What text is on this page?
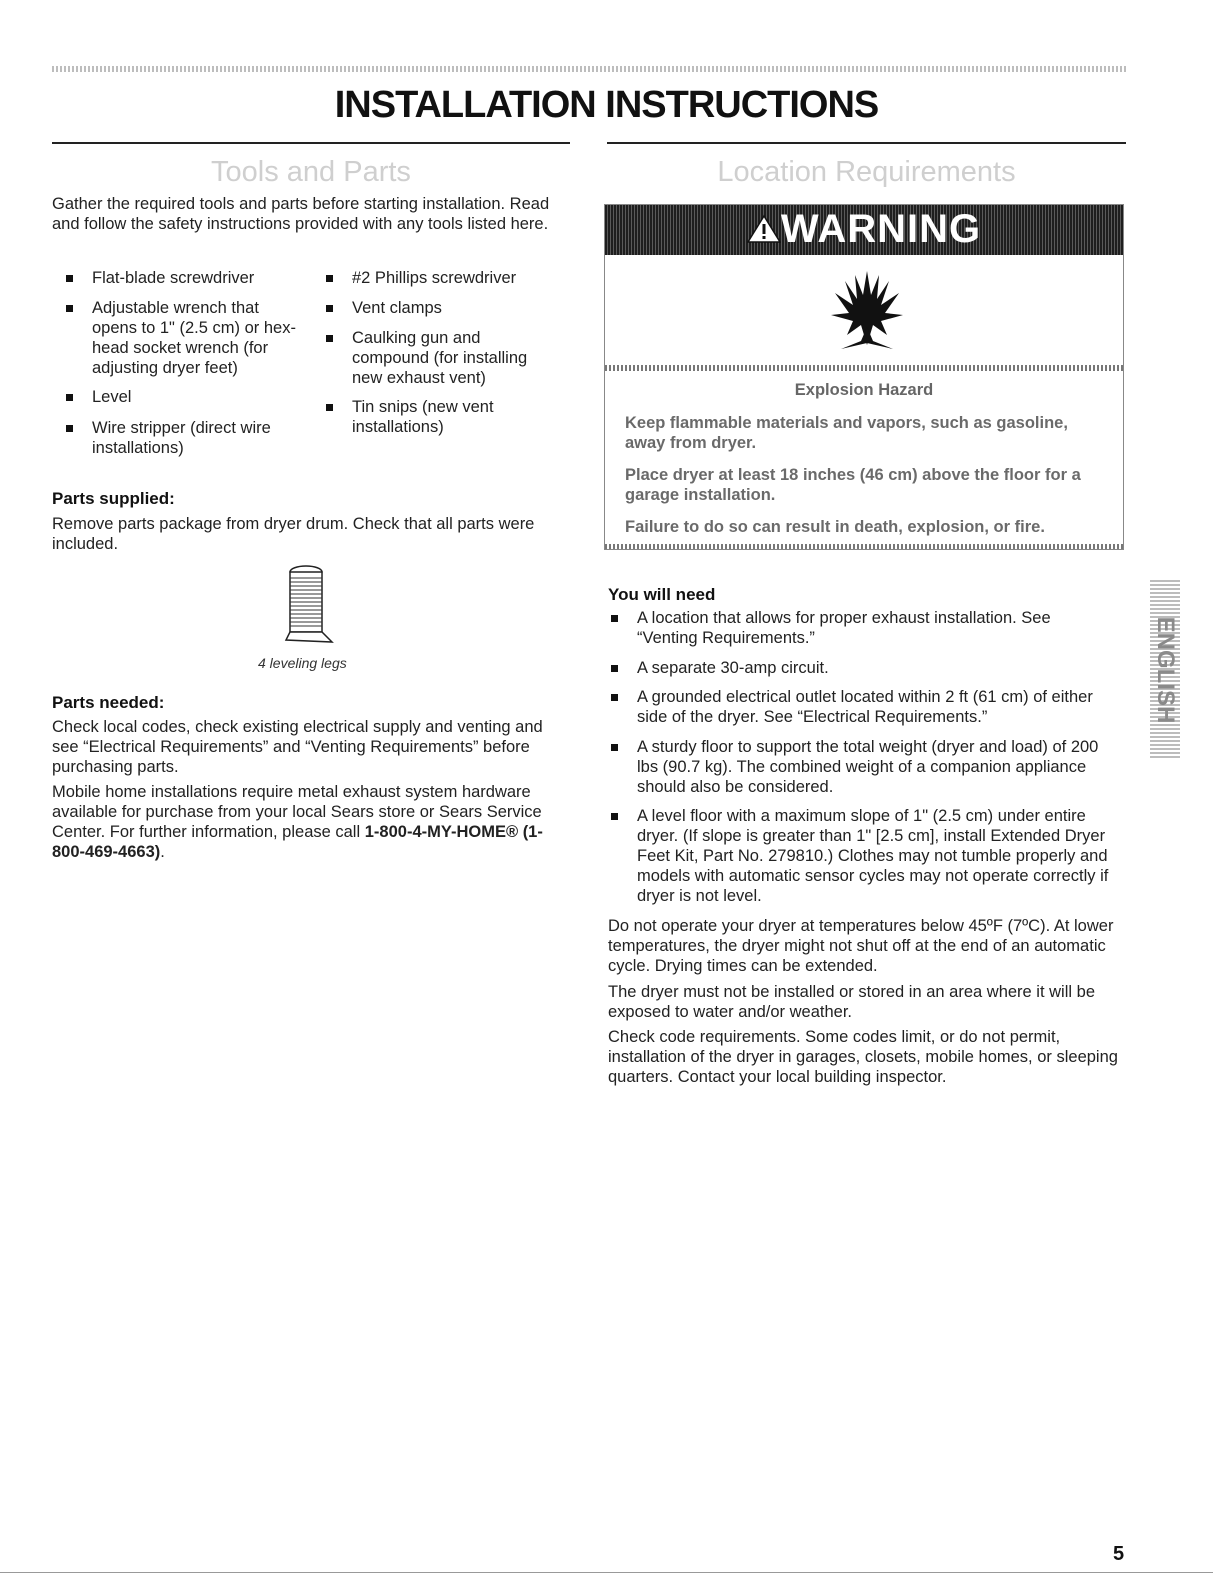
INSTALLATION INSTRUCTIONS
Tools and Parts

Gather the required tools and parts before starting installation. Read and follow the safety instructions provided with any tools listed here.

Flat-blade screwdriver
Adjustable wrench that opens to 1" (2.5 cm) or hex-head socket wrench (for adjusting dryer feet)
Level
Wire stripper (direct wire installations)
#2 Phillips screwdriver
Vent clamps
Caulking gun and compound (for installing new exhaust vent)
Tin snips (new vent installations)
Parts supplied:

Remove parts package from dryer drum. Check that all parts were included.

4 leveling legs
Parts needed:

Check local codes, check existing electrical supply and venting and see “Electrical Requirements” and “Venting Requirements” before purchasing parts.

Mobile home installations require metal exhaust system hardware available for purchase from your local Sears store or Sears Service Center. For further information, please call 1-800-4-MY-HOME® (1-800-469-4663).

Location Requirements
WARNING
Explosion Hazard

Keep flammable materials and vapors, such as gasoline, away from dryer.

Place dryer at least 18 inches (46 cm) above the floor for a garage installation.

Failure to do so can result in death, explosion, or fire.

You will need
A location that allows for proper exhaust installation. See “Venting Requirements.”
A separate 30-amp circuit.
A grounded electrical outlet located within 2 ft (61 cm) of either side of the dryer. See “Electrical Requirements.”
A sturdy floor to support the total weight (dryer and load) of 200 lbs (90.7 kg). The combined weight of a companion appliance should also be considered.
A level floor with a maximum slope of 1" (2.5 cm) under entire dryer. (If slope is greater than 1" [2.5 cm], install Extended Dryer Feet Kit, Part No. 279810.) Clothes may not tumble properly and models with automatic sensor cycles may not operate correctly if dryer is not level.

Do not operate your dryer at temperatures below 45ºF (7ºC). At lower temperatures, the dryer might not shut off at the end of an automatic cycle. Drying times can be extended.

The dryer must not be installed or stored in an area where it will be exposed to water and/or weather.

Check code requirements. Some codes limit, or do not permit, installation of the dryer in garages, closets, mobile homes, or sleeping quarters. Contact your local building inspector.

ENGLISH
5
